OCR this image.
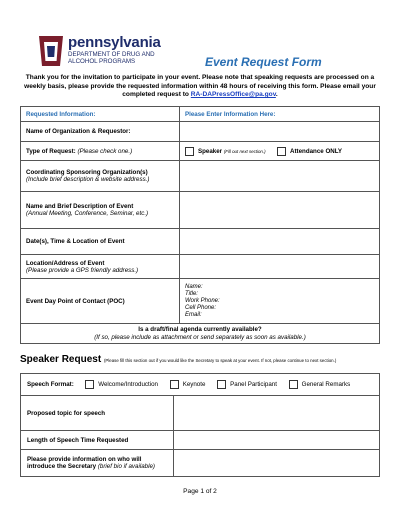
pennsylvania
DEPARTMENT OF DRUG AND
ALCOHOL PROGRAMS	Event Request Form
Thank you for the invitation to participate in your event. Please note that speaking requests are processed on a weekly basis, please provide the requested information within 48 hours of receiving this form. Please email your completed request to RA-DAPressOffice@pa.gov.
Requested Information:	Please Enter Information Here:
Name of Organization & Requestor:	
Type of Request: (Please check one.)	Speaker (Fill out next section.) Attendance ONLY
Coordinating Sponsoring Organization(s)
(Include brief description & website address.)	
Name and Brief Description of Event
(Annual Meeting, Conference, Seminar, etc.)	
Date(s), Time & Location of Event	
Location/Address of Event
(Please provide a GPS friendly address.)	
Event Day Point of Contact (POC)	Name:
Title:
Work Phone:
Cell Phone:
Email:

Is a draft/final agenda currently available?
(If so, please include as attachment or send separately as soon as available.)	
Speaker Request (Please fill this section out if you would like the Secretary to speak at your event. If not, please continue to next section.)
Speech Format: Welcome/Introduction Keynote Panel Participant General Remarks	
Proposed topic for speech	
Length of Speech Time Requested	
Please provide information on who will
introduce the Secretary (brief bio if available)	
Page 1 of 2
